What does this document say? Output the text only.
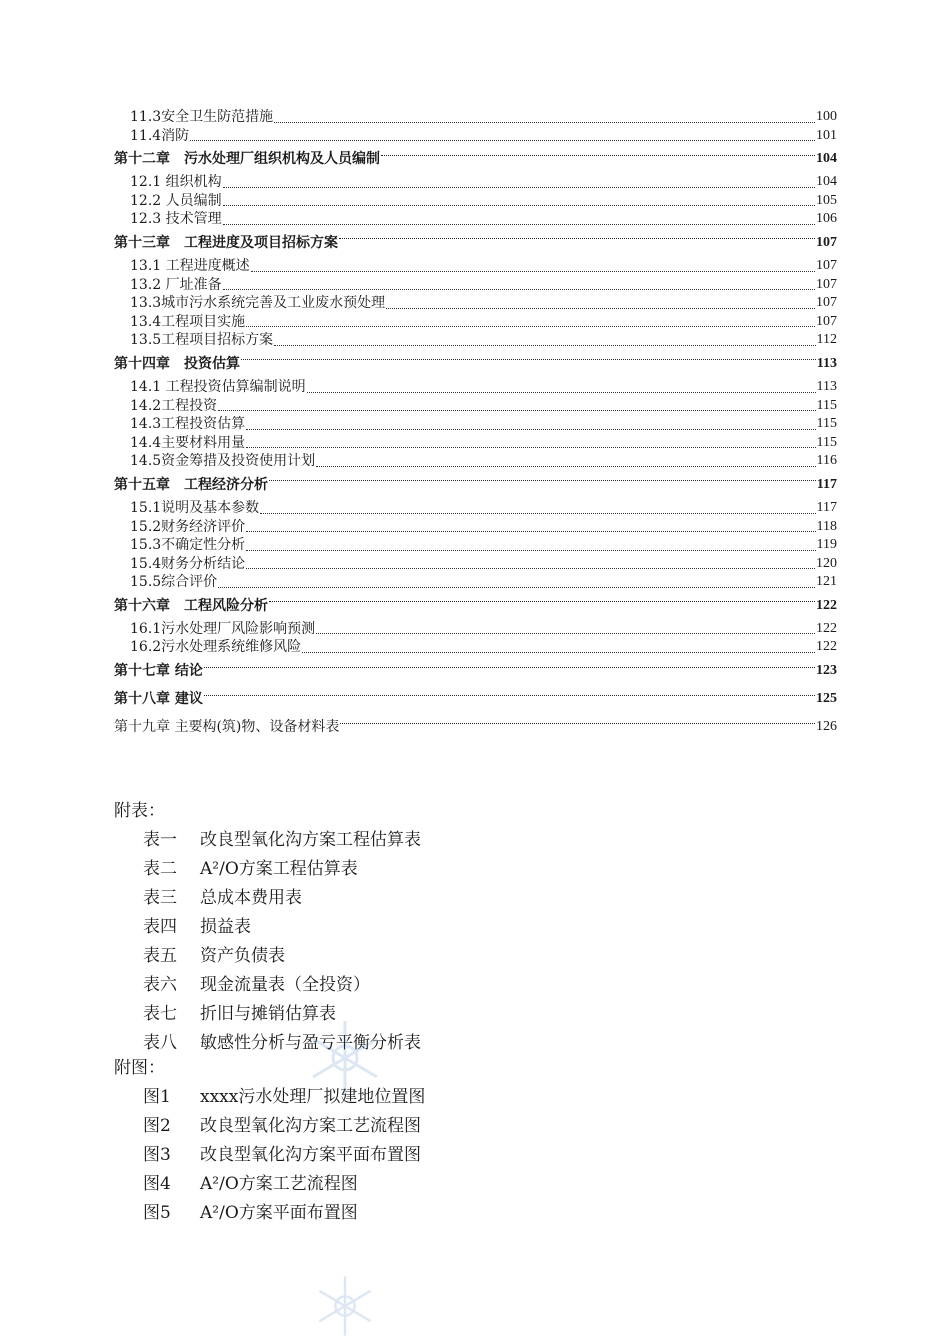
11.3安全卫生防范措施	100
11.4消防	101
第十二章　污水处理厂组织机构及人员编制	104
12.1 组织机构	104
12.2 人员编制	105
12.3 技术管理	106
第十三章　工程进度及项目招标方案	107
13.1 工程进度概述	107
13.2 厂址准备	107
13.3城市污水系统完善及工业废水预处理	107
13.4工程项目实施	107
13.5工程项目招标方案	112
第十四章　投资估算	113
14.1 工程投资估算编制说明	113
14.2工程投资	115
14.3工程投资估算	115
14.4主要材料用量	115
14.5资金筹措及投资使用计划	116
第十五章　工程经济分析	117
15.1说明及基本参数	117
15.2财务经济评价	118
15.3不确定性分析	119
15.4财务分析结论	120
15.5综合评价	121
第十六章　工程风险分析	122
16.1污水处理厂风险影响预测	122
16.2污水处理系统维修风险	122
第十七章 结论	123
第十八章 建议	125
第十九章 主要构(筑)物、设备材料表	126
附表：
表一 改良型氧化沟方案工程估算表
表二 A²/O方案工程估算表
表三 总成本费用表
表四 损益表
表五 资产负债表
表六 现金流量表（全投资）
表七 折旧与摊销估算表
表八 敏感性分析与盈亏平衡分析表
附图：
图1 xxxx污水处理厂拟建地位置图
图2 改良型氧化沟方案工艺流程图
图3 改良型氧化沟方案平面布置图
图4 A²/O方案工艺流程图
图5 A²/O方案平面布置图
